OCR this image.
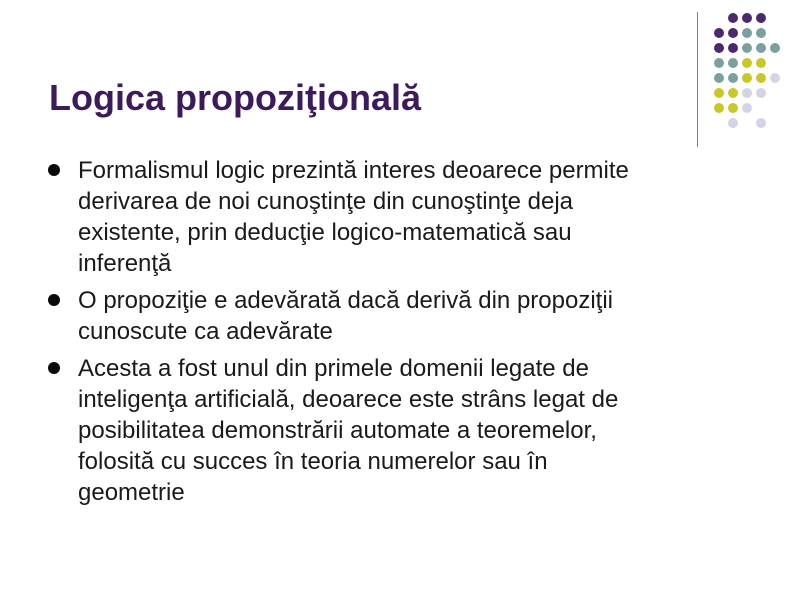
Logica propoziţională
Formalismul logic prezintă interes deoarece permite
derivarea de noi cunoştinţe din cunoştinţe deja
existente, prin deducţie logico-matematică sau
inferenţă
O propoziţie e adevărată dacă derivă din propoziţii
cunoscute ca adevărate
Acesta a fost unul din primele domenii legate de
inteligenţa artificială, deoarece este strâns legat de
posibilitatea demonstrării automate a teoremelor,
folosită cu succes în teoria numerelor sau în
geometrie
